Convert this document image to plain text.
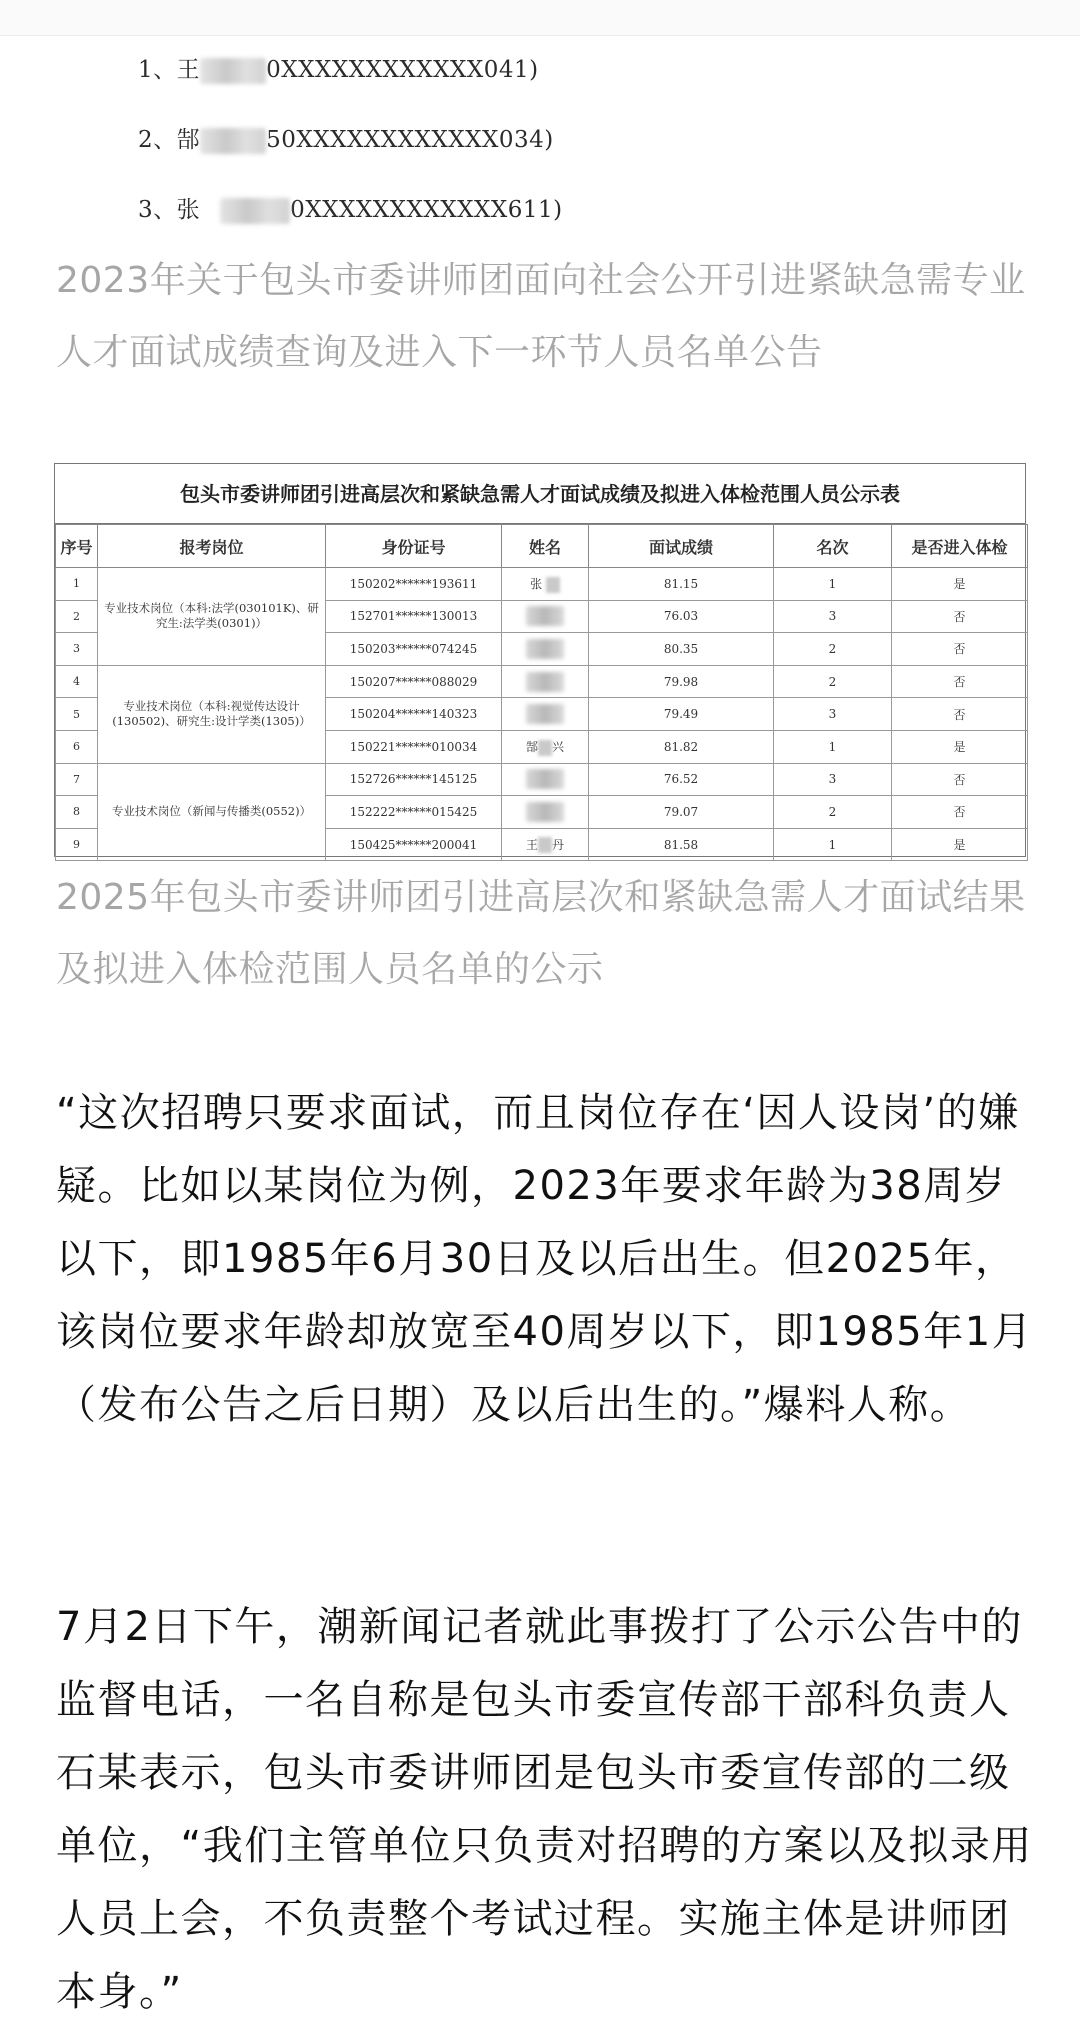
1、王	0XXXXXXXXXXXX041)
2、郜	50XXXXXXXXXXXX034)
3、张	0XXXXXXXXXXXX611)
2023年关于包头市委讲师团面向社会公开引进紧缺急需专业人才面试成绩查询及进入下一环节人员名单公告
包头市委讲师团引进高层次和紧缺急需人才面试成绩及拟进入体检范围人员公示表
序号	报考岗位	身份证号	姓名	面试成绩	名次	是否进入体检
1	专业技术岗位（本科:法学(030101K)、研究生:法学类(0301)）	150202******193611	张	81.15	1	是
2		152701******130013		76.03	3	否
3		150203******074245		80.35	2	否
4	专业技术岗位（本科:视觉传达设计(130502)、研究生:设计学类(1305)）	150207******088029		79.98	2	否
5		150204******140323		79.49	3	否
6		150221******010034	郜 兴	81.82	1	是
7	专业技术岗位（新闻与传播类(0552)）	152726******145125		76.52	3	否
8		152222******015425		79.07	2	否
9		150425******200041	王 丹	81.58	1	是
2025年包头市委讲师团引进高层次和紧缺急需人才面试结果及拟进入体检范围人员名单的公示
“这次招聘只要求面试，而且岗位存在‘因人设岗’的嫌疑。比如以某岗位为例，2023年要求年龄为38周岁以下，即1985年6月30日及以后出生。但2025年，该岗位要求年龄却放宽至40周岁以下，即1985年1月（发布公告之后日期）及以后出生的。”爆料人称。
7月2日下午，潮新闻记者就此事拨打了公示公告中的监督电话，一名自称是包头市委宣传部干部科负责人石某表示，包头市委讲师团是包头市委宣传部的二级单位，“我们主管单位只负责对招聘的方案以及拟录用人员上会，不负责整个考试过程。实施主体是讲师团本身。”
